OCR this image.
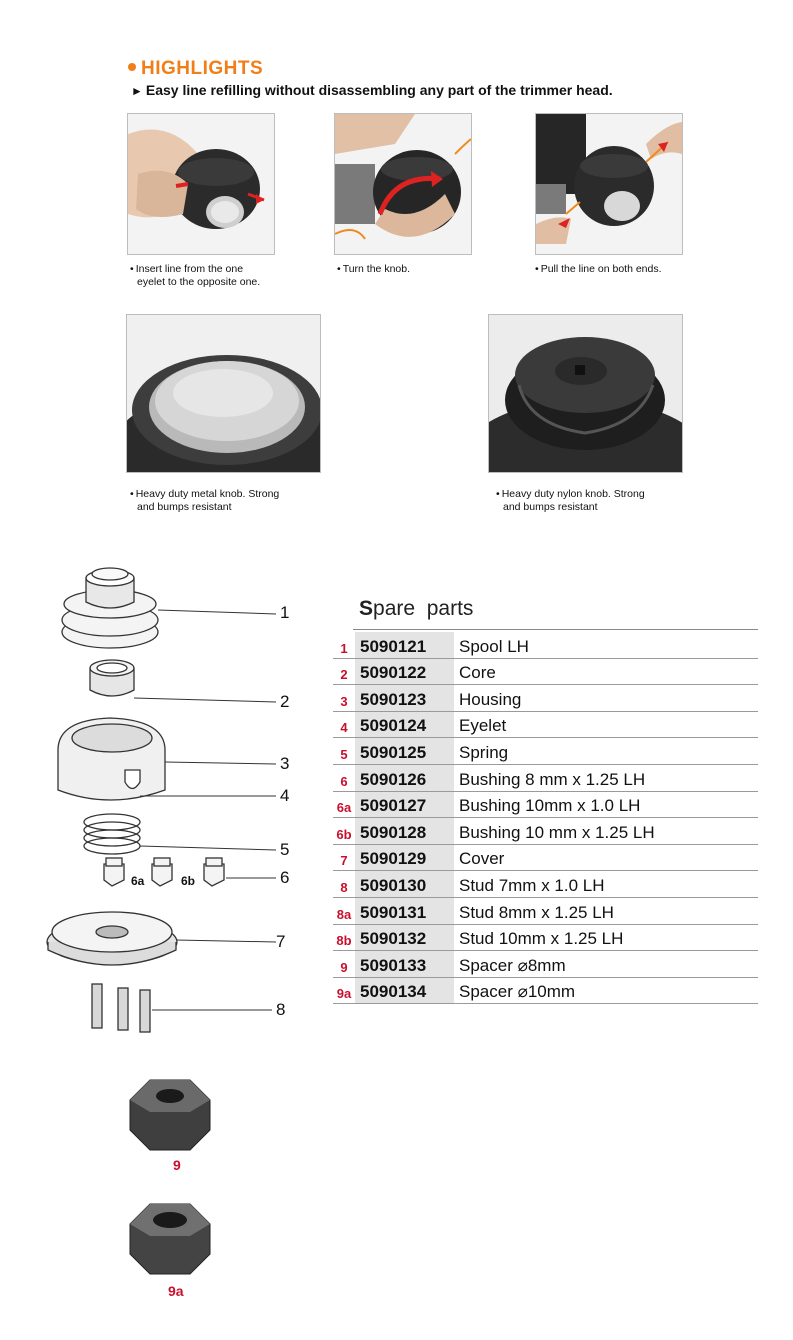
HIGHLIGHTS
► Easy line refilling without disassembling any part of the trimmer head.
• Insert line from the one
eyelet to the opposite one.
• Turn the knob.	• Pull the line on both ends.
• Heavy duty metal knob. Strong
and bumps resistant
• Heavy duty nylon knob. Strong
and bumps resistant
1
2
3
4
5
6
7
8
6a	6b
9
9a
Spare  parts
1	5090121	Spool LH
2	5090122	Core
3	5090123	Housing
4	5090124	Eyelet
5	5090125	Spring
6	5090126	Bushing 8 mm x 1.25 LH
6a	5090127	Bushing 10mm x 1.0 LH
6b	5090128	Bushing 10 mm x 1.25 LH
7	5090129	Cover
8	5090130	Stud 7mm x 1.0 LH
8a	5090131	Stud 8mm x 1.25 LH
8b	5090132	Stud 10mm x 1.25 LH
9	5090133	Spacer ⌀8mm
9a	5090134	Spacer ⌀10mm
